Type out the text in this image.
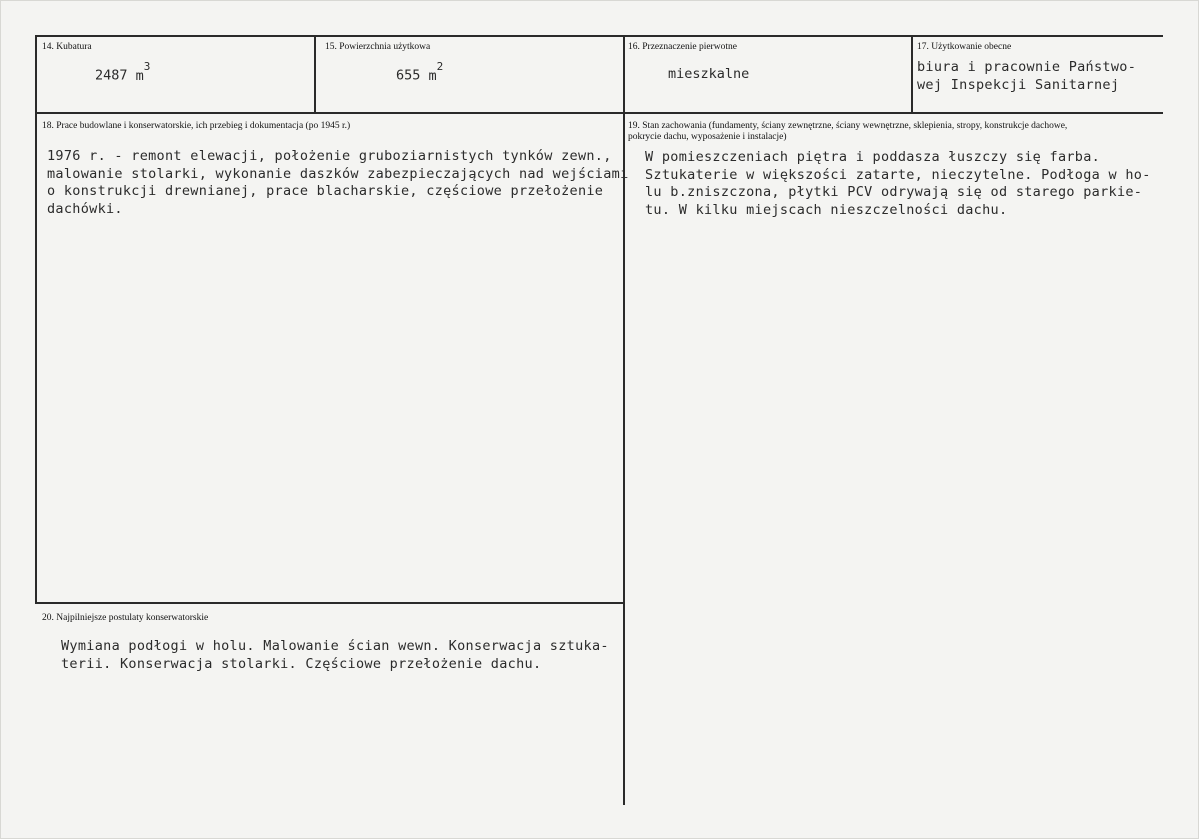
14. Kubatura
2487 $m^3$
15. Powierzchnia użytkowa
655 $m^2$
16. Przeznaczenie pierwotne
mieszkalne
17. Użytkowanie obecne
biura i pracownie Państwo-
wej Inspekcji Sanitarnej
18. Prace budowlane i konserwatorskie, ich przebieg i dokumentacja (po 1945 r.)
1976 r. - remont elewacji, położenie gruboziarnistych tynków zewn.,
malowanie stolarki, wykonanie daszków zabezpieczających nad wejściami
o konstrukcji drewnianej, prace blacharskie, częściowe przełożenie
dachówki.
19. Stan zachowania (fundamenty, ściany zewnętrzne, ściany wewnętrzne, sklepienia, stropy, konstrukcje dachowe,
pokrycie dachu, wyposażenie i instalacje)
W pomieszczeniach piętra i poddasza łuszczy się farba.
Sztukaterie w większości zatarte, nieczytelne. Podłoga w ho-
lu b.zniszczona, płytki PCV odrywają się od starego parkie-
tu. W kilku miejscach nieszczelności dachu.
20. Najpilniejsze postulaty konserwatorskie
Wymiana podłogi w holu. Malowanie ścian wewn. Konserwacja sztuka-
terii. Konserwacja stolarki. Częściowe przełożenie dachu.
